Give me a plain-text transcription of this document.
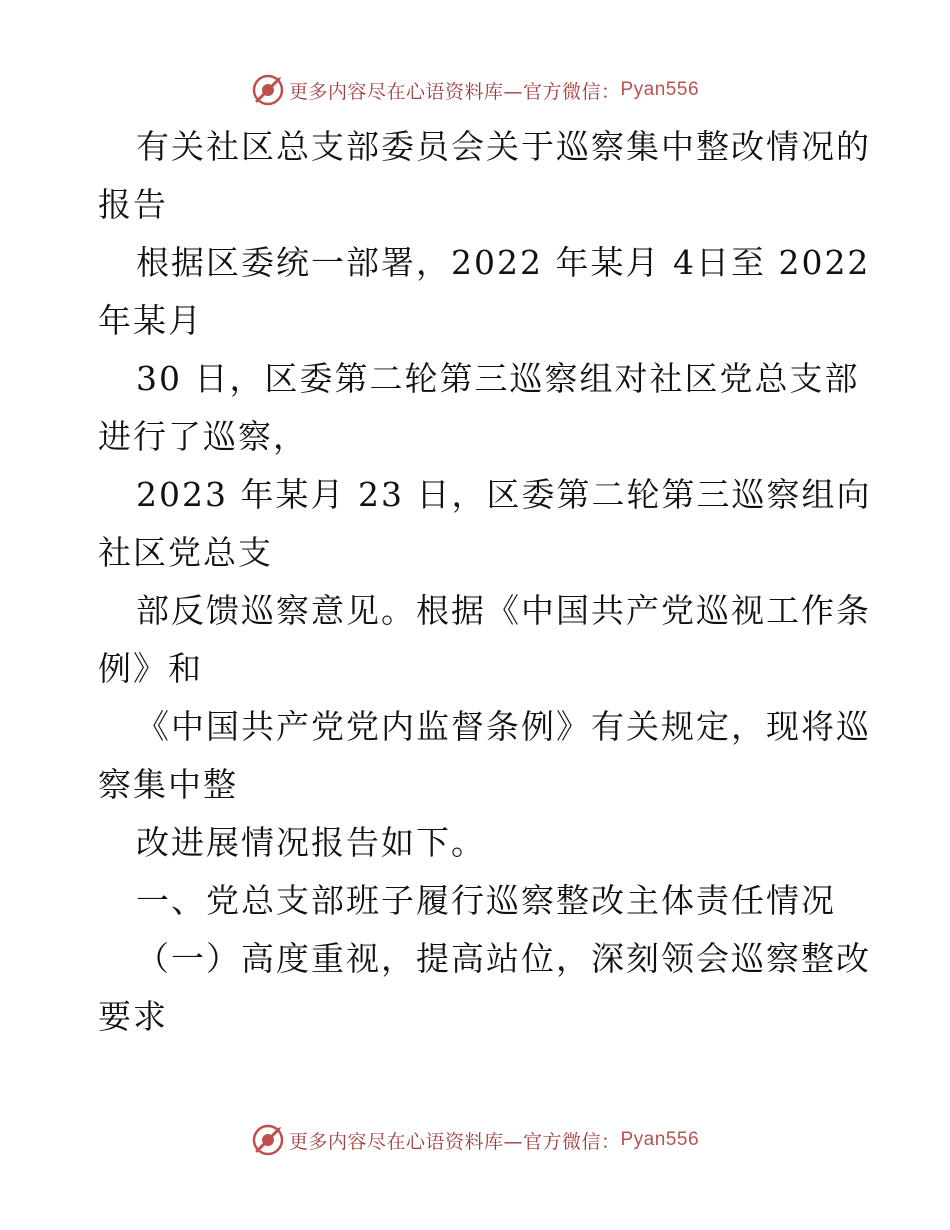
更多内容尽在心语资料库—官方微信： Pyan556
有关社区总支部委员会关于巡察集中整改情况的
报告
根据区委统一部署，2022 年某月 4日至 2022
年某月
30 日，区委第二轮第三巡察组对社区党总支部
进行了巡察，
2023 年某月 23 日，区委第二轮第三巡察组向
社区党总支
部反馈巡察意见。根据《中国共产党巡视工作条
例》和
《中国共产党党内监督条例》有关规定，现将巡
察集中整
改进展情况报告如下。
一、党总支部班子履行巡察整改主体责任情况
（一）高度重视，提高站位，深刻领会巡察整改
要求
更多内容尽在心语资料库—官方微信： Pyan556
